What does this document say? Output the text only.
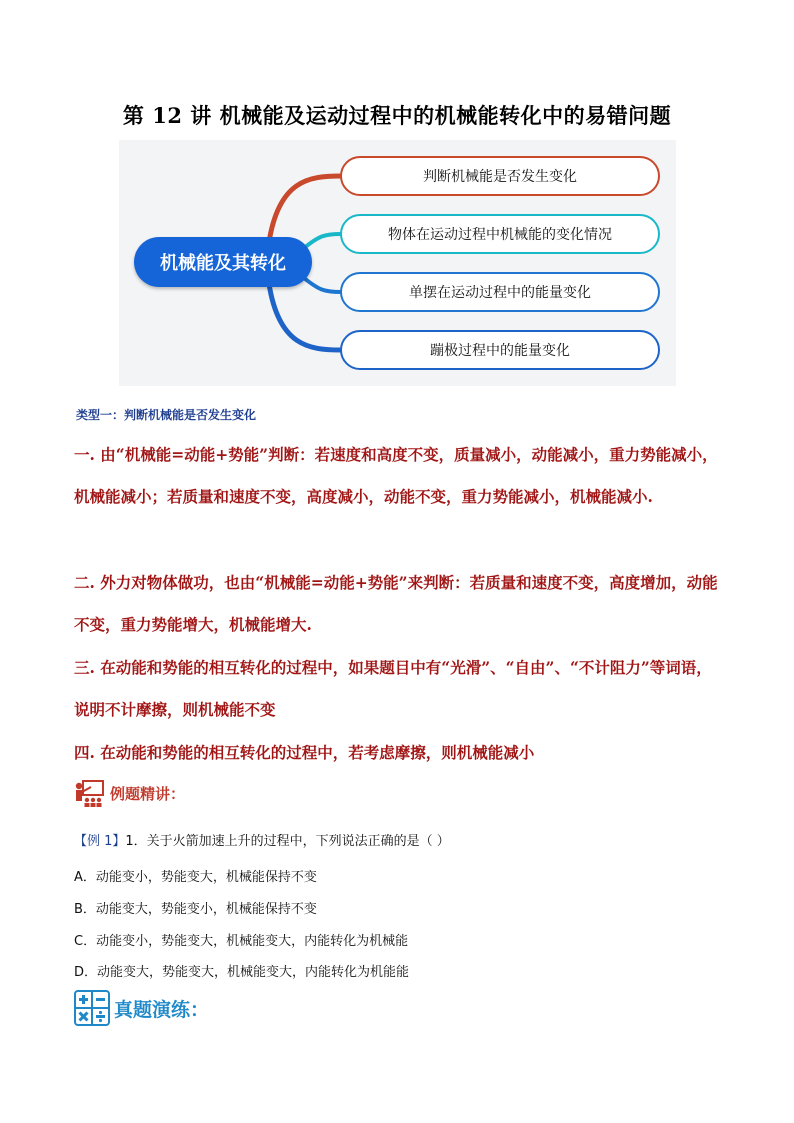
第 12 讲 机械能及运动过程中的机械能转化中的易错问题
机械能及其转化
判断机械能是否发生变化
物体在运动过程中机械能的变化情况
单摆在运动过程中的能量变化
蹦极过程中的能量变化
类型一：判断机械能是否发生变化
一. 由“机械能=动能+势能”判断：若速度和高度不变，质量减小，动能减小，重力势能减小，机械能减小；若质量和速度不变，高度减小，动能不变，重力势能减小，机械能减小.
二. 外力对物体做功，也由“机械能=动能+势能”来判断：若质量和速度不变，高度增加，动能不变，重力势能增大，机械能增大.
三. 在动能和势能的相互转化的过程中，如果题目中有“光滑”、“自由”、“不计阻力”等词语，说明不计摩擦，则机械能不变
四. 在动能和势能的相互转化的过程中，若考虑摩擦，则机械能减小
例题精讲：
【例 1】1．关于火箭加速上升的过程中，下列说法正确的是（ ）
A．动能变小，势能变大，机械能保持不变
B．动能变大，势能变小，机械能保持不变
C．动能变小，势能变大，机械能变大，内能转化为机械能
D．动能变大，势能变大，机械能变大，内能转化为机能能
真题演练：
